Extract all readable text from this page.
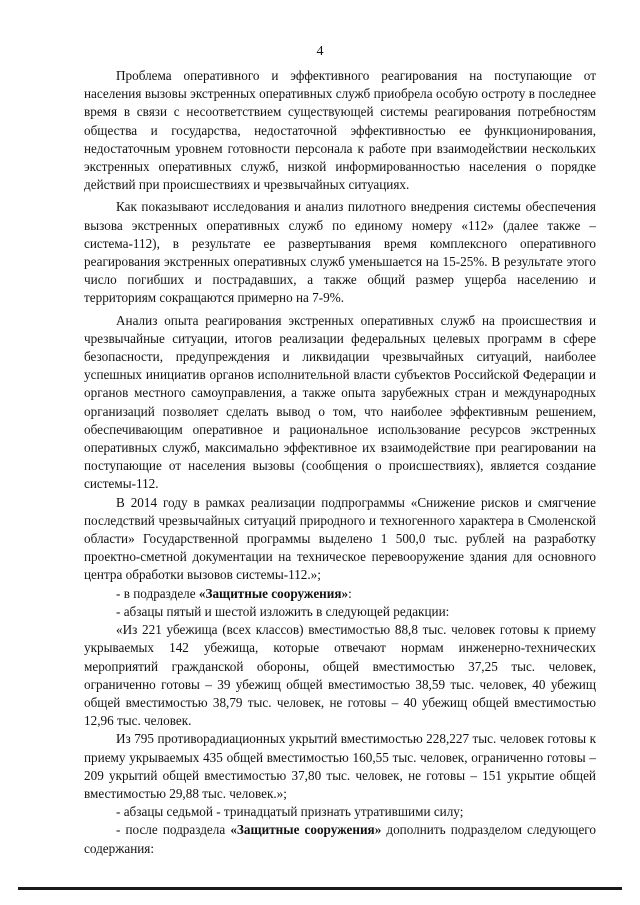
4

Проблема оперативного и эффективного реагирования на поступающие от населения вызовы экстренных оперативных служб приобрела особую остроту в последнее время в связи с несоответствием существующей системы реагирования потребностям общества и государства, недостаточной эффективностью ее функционирования, недостаточным уровнем готовности персонала к работе при взаимодействии нескольких экстренных оперативных служб, низкой информированностью населения о порядке действий при происшествиях и чрезвычайных ситуациях.

Как показывают исследования и анализ пилотного внедрения системы обеспечения вызова экстренных оперативных служб по единому номеру «112» (далее также – система-112), в результате ее развертывания время комплексного оперативного реагирования экстренных оперативных служб уменьшается на 15-25%. В результате этого число погибших и пострадавших, а также общий размер ущерба населению и территориям сокращаются примерно на 7-9%.

Анализ опыта реагирования экстренных оперативных служб на происшествия и чрезвычайные ситуации, итогов реализации федеральных целевых программ в сфере безопасности, предупреждения и ликвидации чрезвычайных ситуаций, наиболее успешных инициатив органов исполнительной власти субъектов Российской Федерации и органов местного самоуправления, а также опыта зарубежных стран и международных организаций позволяет сделать вывод о том, что наиболее эффективным решением, обеспечивающим оперативное и рациональное использование ресурсов экстренных оперативных служб, максимально эффективное их взаимодействие при реагировании на поступающие от населения вызовы (сообщения о происшествиях), является создание системы-112.

В 2014 году в рамках реализации подпрограммы «Снижение рисков и смягчение последствий чрезвычайных ситуаций природного и техногенного характера в Смоленской области» Государственной программы выделено 1 500,0 тыс. рублей на разработку проектно-сметной документации на техническое перевооружение здания для основного центра обработки вызовов системы-112.»;

- в подразделе «Защитные сооружения»:

- абзацы пятый и шестой изложить в следующей редакции:

«Из 221 убежища (всех классов) вместимостью 88,8 тыс. человек готовы к приему укрываемых 142 убежища, которые отвечают нормам инженерно-технических мероприятий гражданской обороны, общей вместимостью 37,25 тыс. человек, ограниченно готовы – 39 убежищ общей вместимостью 38,59 тыс. человек, 40 убежищ общей вместимостью 38,79 тыс. человек, не готовы – 40 убежищ общей вместимостью 12,96 тыс. человек.

Из 795 противорадиационных укрытий вместимостью 228,227 тыс. человек готовы к приему укрываемых 435 общей вместимостью 160,55 тыс. человек, ограниченно готовы – 209 укрытий общей вместимостью 37,80 тыс. человек, не готовы – 151 укрытие общей вместимостью 29,88 тыс. человек.»;

- абзацы седьмой - тринадцатый признать утратившими силу;

- после подраздела «Защитные сооружения» дополнить подразделом следующего содержания:
